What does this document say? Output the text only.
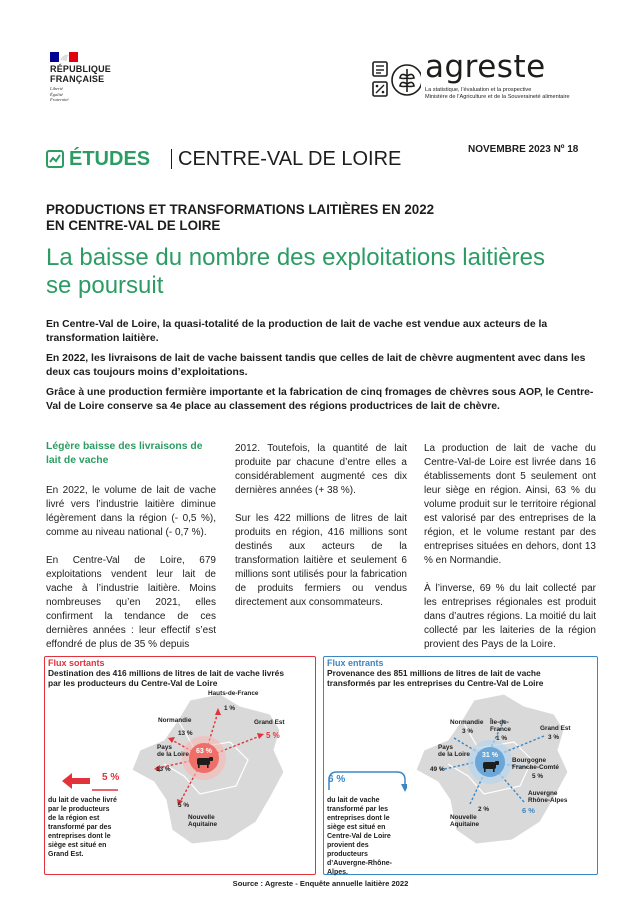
RÉPUBLIQUE
FRANÇAISE
Liberté
Égalité
Fraternité
agreste
La statistique, l’évaluation et la prospective
Ministère de l’Agriculture et de la Souveraineté alimentaire
ÉTUDES CENTRE-VAL DE LOIRE	NOVEMBRE 2023 Nº 18
PRODUCTIONS ET TRANSFORMATIONS LAITIÈRES EN 2022
EN CENTRE-VAL DE LOIRE
La baisse du nombre des exploitations laitières
se poursuit
En Centre-Val de Loire, la quasi-totalité de la production de lait de vache est vendue aux acteurs de la transformation laitière.
En 2022, les livraisons de lait de vache baissent tandis que celles de lait de chèvre augmentent avec dans les deux cas toujours moins d’exploitations.
Grâce à une production fermière importante et la fabrication de cinq fromages de chèvres sous AOP, le Centre-Val de Loire conserve sa 4e place au classement des régions productrices de lait de chèvre.
Légère baisse des livraisons de lait de vache
En 2022, le volume de lait de vache livré vers l’industrie laitière diminue légèrement dans la région (- 0,5 %), comme au niveau national (- 0,7 %).
En Centre-Val de Loire, 679 exploitations vendent leur lait de vache à l’industrie laitière. Moins nombreuses qu’en 2021, elles confirment la tendance de ces dernières années : leur effectif s’est effondré de plus de 35 % depuis
2012. Toutefois, la quantité de lait produite par chacune d’entre elles a considérablement augmenté ces dix dernières années (+ 38 %).
Sur les 422 millions de litres de lait produits en région, 416 millions sont destinés aux acteurs de la transformation laitière et seulement 6 millions sont utilisés pour la fabrication de produits fermiers ou vendus directement aux consommateurs.
La production de lait de vache du Centre-Val-de Loire est livrée dans 16 établissements dont 5 seulement ont leur siège en région. Ainsi, 63 % du volume produit sur le territoire régional est valorisé par des entreprises de la région, et le volume restant par des entreprises situées en dehors, dont 13 % en Normandie.
À l’inverse, 69 % du lait collecté par les entreprises régionales est produit dans d’autres régions. La moitié du lait collecté par les laiteries de la région provient des Pays de la Loire.
Flux sortants
Destination des 416 millions de litres de lait de vache livrés
par les producteurs du Centre-Val de Loire
63 %
Hauts-de-France
1 %
Normandie
13 %
Grand Est
5 %
Pays
de la Loire
13 %
5 %
Nouvelle
Aquitaine
5 %
du lait de vache livré
par le producteurs
de la région est
transformé par des
entreprises dont le
siège est situé en
Grand Est.
Flux entrants
Provenance des 851 millions de litres de lait de vache
transformés par les entreprises du Centre-Val de Loire
31 %
Normandie
3 %
Île-de-
France
1 %
Grand Est
3 %
Pays
de la Loire
49 %
Bourgogne
Franche-Comté
5 %
Auvergne
Rhône-Alpes
6 %
2 %
Nouvelle
Aquitaine
6 %
du lait de vache
transformé par les
entreprises dont le
siège est situé en
Centre-Val de Loire
provient des
producteurs
d’Auvergne-Rhône-
Alpes.
Source : Agreste - Enquête annuelle laitière 2022
